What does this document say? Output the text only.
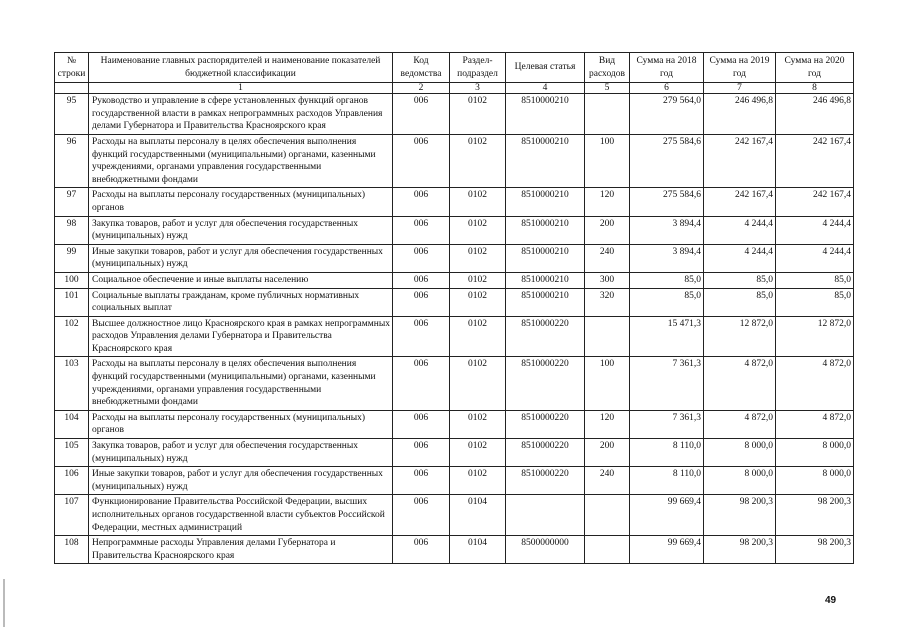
№ строки	Наименование главных распорядителей и наименование показателей бюджетной классификации	Код ведомства	Раздел-подраздел	Целевая статья	Вид расходов	Сумма на 2018 год	Сумма на 2019 год	Сумма на 2020 год
	1	2	3	4	5	6	7	8
95	Руководство и управление в сфере установленных функций органов государственной власти в рамках непрограммных расходов Управления делами Губернатора и Правительства Красноярского края	006	0102	8510000210		279 564,0	246 496,8	246 496,8
96	Расходы на выплаты персоналу в целях обеспечения выполнения функций государственными (муниципальными) органами, казенными учреждениями, органами управления государственными внебюджетными фондами	006	0102	8510000210	100	275 584,6	242 167,4	242 167,4
97	Расходы на выплаты персоналу государственных (муниципальных) органов	006	0102	8510000210	120	275 584,6	242 167,4	242 167,4
98	Закупка товаров, работ и услуг для обеспечения государственных (муниципальных) нужд	006	0102	8510000210	200	3 894,4	4 244,4	4 244,4
99	Иные закупки товаров, работ и услуг для обеспечения государственных (муниципальных) нужд	006	0102	8510000210	240	3 894,4	4 244,4	4 244,4
100	Социальное обеспечение и иные выплаты населению	006	0102	8510000210	300	85,0	85,0	85,0
101	Социальные выплаты гражданам, кроме публичных нормативных социальных выплат	006	0102	8510000210	320	85,0	85,0	85,0
102	Высшее должностное лицо Красноярского края в рамках непрограммных расходов Управления делами Губернатора и Правительства Красноярского края	006	0102	8510000220		15 471,3	12 872,0	12 872,0
103	Расходы на выплаты персоналу в целях обеспечения выполнения функций государственными (муниципальными) органами, казенными учреждениями, органами управления государственными внебюджетными фондами	006	0102	8510000220	100	7 361,3	4 872,0	4 872,0
104	Расходы на выплаты персоналу государственных (муниципальных) органов	006	0102	8510000220	120	7 361,3	4 872,0	4 872,0
105	Закупка товаров, работ и услуг для обеспечения государственных (муниципальных) нужд	006	0102	8510000220	200	8 110,0	8 000,0	8 000,0
106	Иные закупки товаров, работ и услуг для обеспечения государственных (муниципальных) нужд	006	0102	8510000220	240	8 110,0	8 000,0	8 000,0
107	Функционирование Правительства Российской Федерации, высших исполнительных органов государственной власти субъектов Российской Федерации, местных администраций	006	0104			99 669,4	98 200,3	98 200,3
108	Непрограммные расходы Управления делами Губернатора и Правительства Красноярского края	006	0104	8500000000		99 669,4	98 200,3	98 200,3
49
